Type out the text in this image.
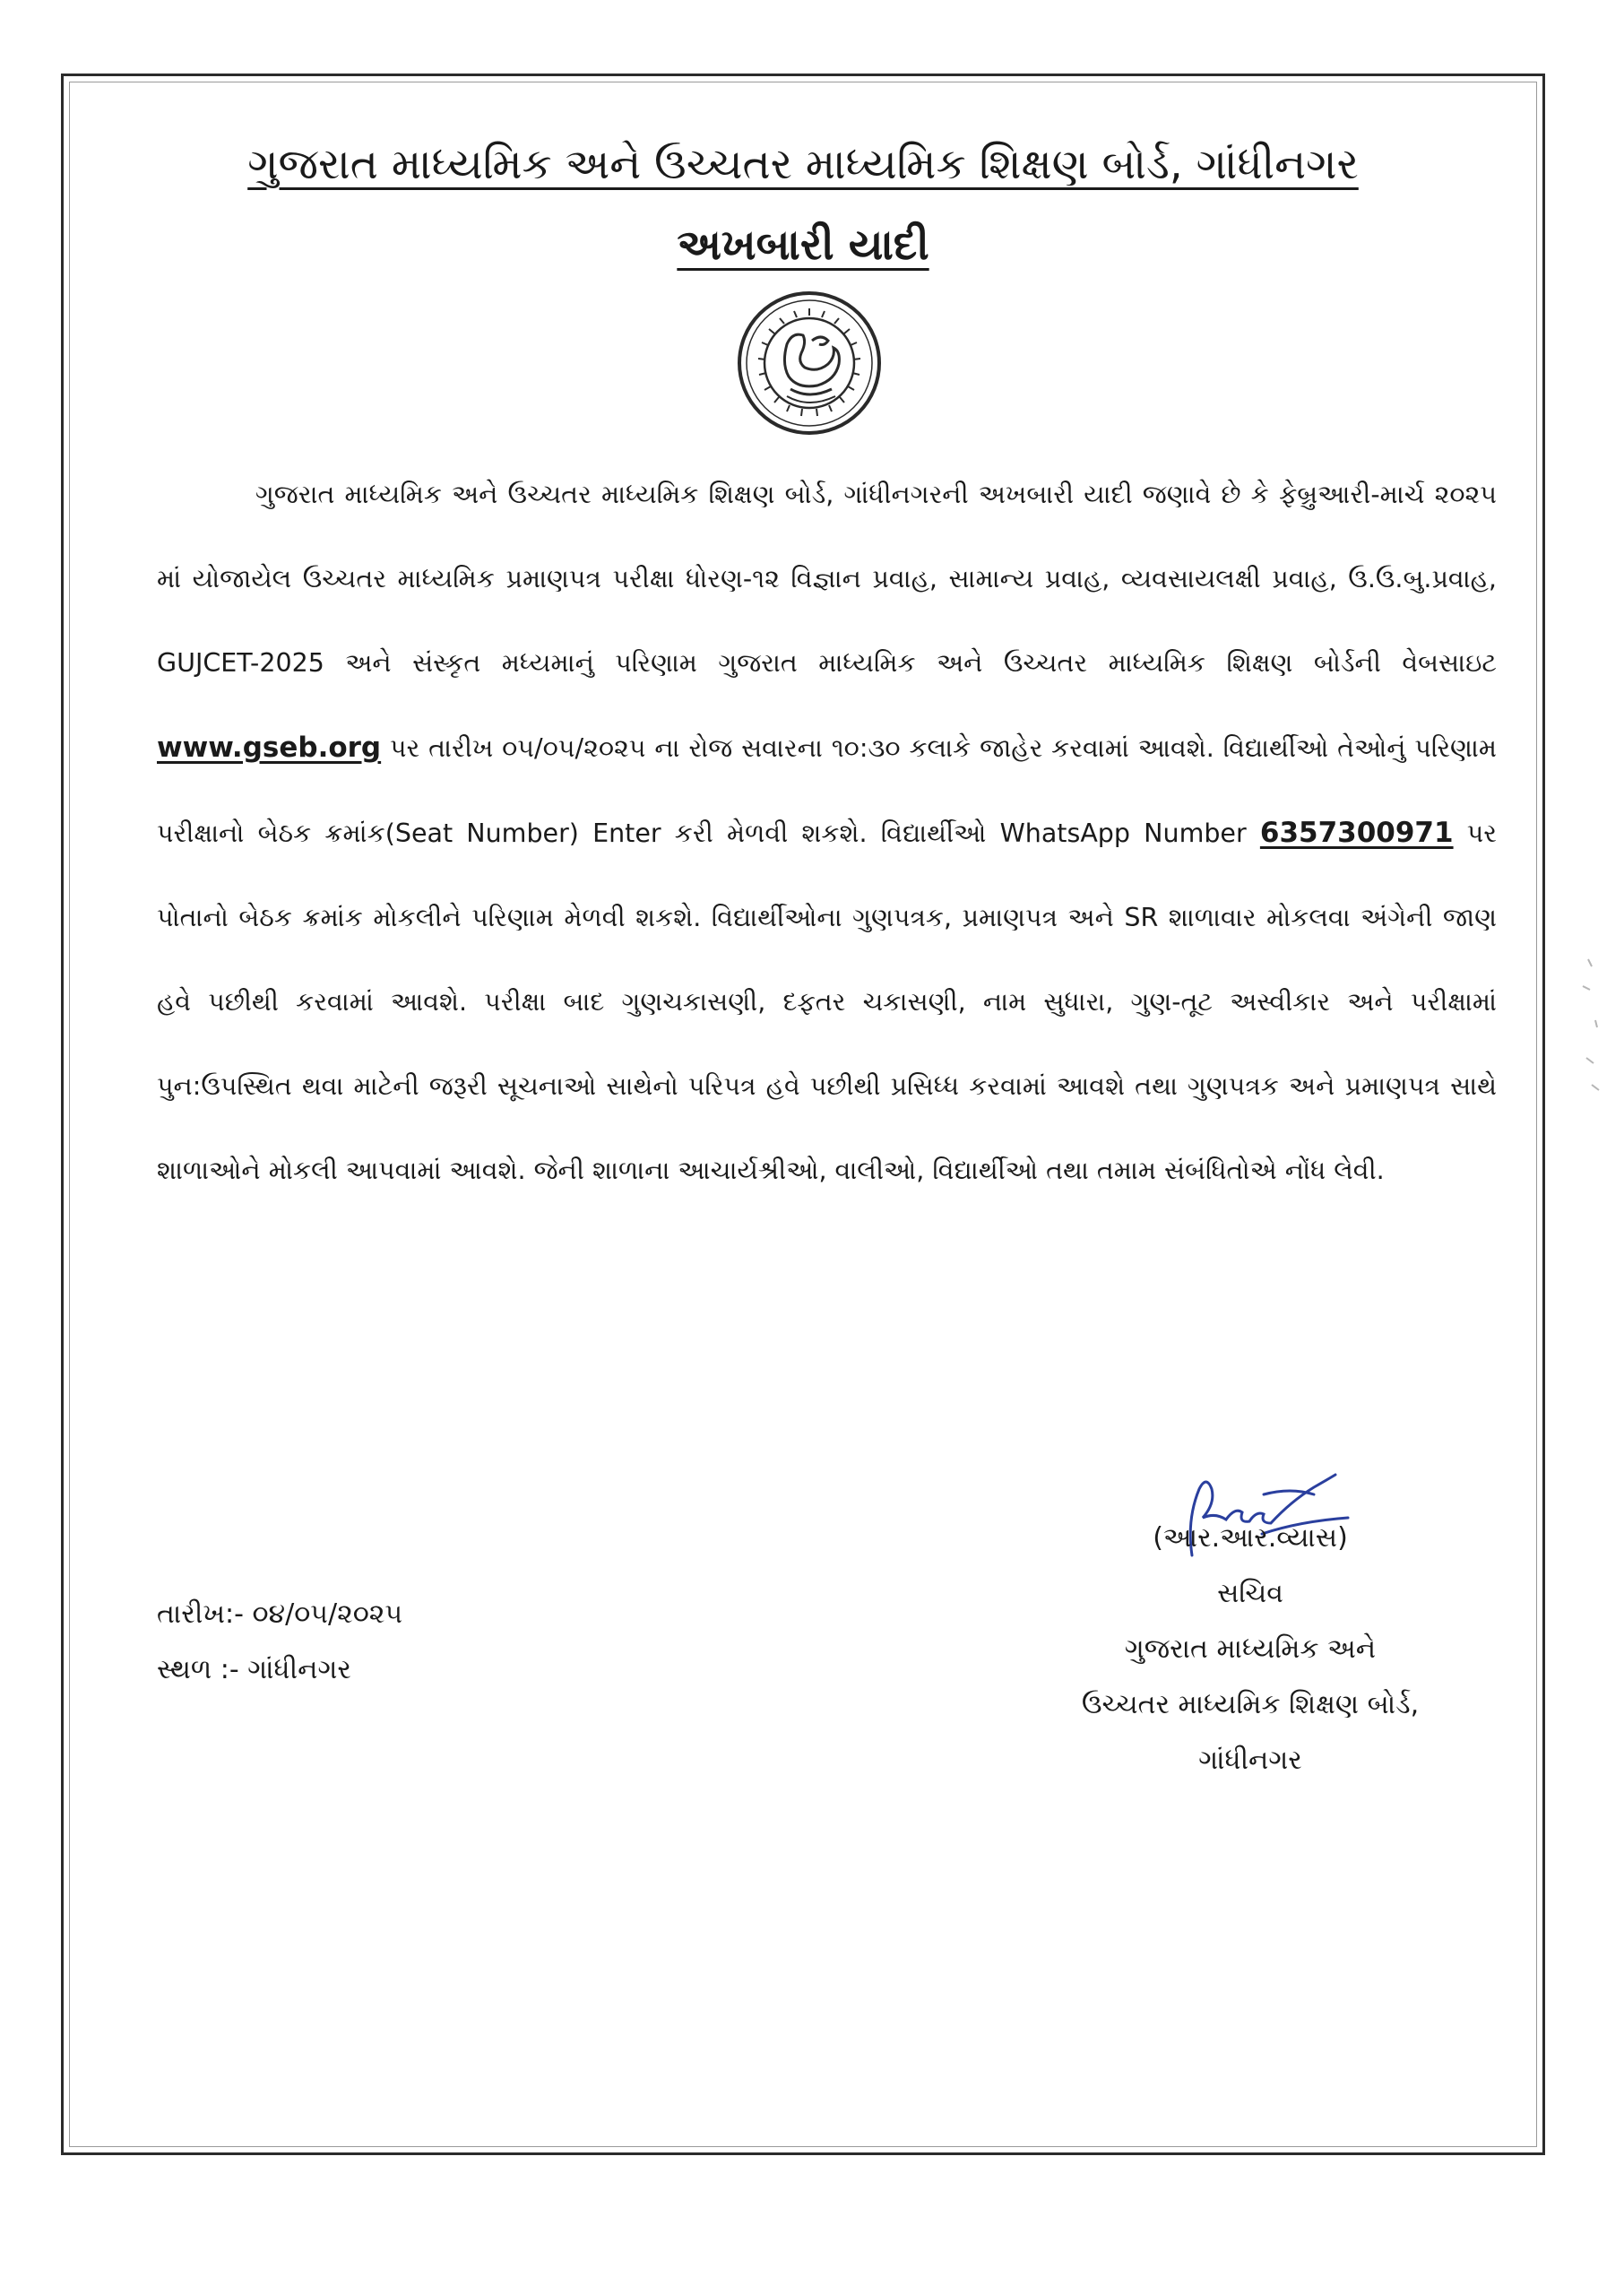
ગુજરાત માધ્યમિક અને ઉચ્ચતર માધ્યમિક શિક્ષણ બોર્ડ, ગાંધીનગર
અખબારી યાદી

ગુજરાત માધ્યમિક અને ઉચ્ચતર માધ્યમિક શિક્ષણ બોર્ડ, ગાંધીનગરની અખબારી યાદી જણાવે છે કે ફેબ્રુઆરી-માર્ચ ૨૦૨૫ માં યોજાયેલ ઉચ્ચતર માધ્યમિક પ્રમાણપત્ર પરીક્ષા ધોરણ-૧૨ વિજ્ઞાન પ્રવાહ, સામાન્ય પ્રવાહ, વ્યવસાયલક્ષી પ્રવાહ, ઉ.ઉ.બુ.પ્રવાહ, GUJCET-2025 અને સંસ્કૃત મધ્યમાનું પરિણામ ગુજરાત માધ્યમિક અને ઉચ્ચતર માધ્યમિક શિક્ષણ બોર્ડની વેબસાઇટ www.gseb.org પર તારીખ ૦૫/૦૫/૨૦૨૫ ના રોજ સવારના ૧૦:૩૦ કલાકે જાહેર કરવામાં આવશે. વિદ્યાર્થીઓ તેઓનું પરિણામ પરીક્ષાનો બેઠક ક્રમાંક(Seat Number) Enter કરી મેળવી શકશે. વિદ્યાર્થીઓ WhatsApp Number 6357300971 પર પોતાનો બેઠક ક્રમાંક મોકલીને પરિણામ મેળવી શકશે. વિદ્યાર્થીઓના ગુણપત્રક, પ્રમાણપત્ર અને SR શાળાવાર મોકલવા અંગેની જાણ હવે પછીથી કરવામાં આવશે. પરીક્ષા બાદ ગુણચકાસણી, દફતર ચકાસણી, નામ સુધારા, ગુણ-તૂટ અસ્વીકાર અને પરીક્ષામાં પુન:ઉપસ્થિત થવા માટેની જરૂરી સૂચનાઓ સાથેનો પરિપત્ર હવે પછીથી પ્રસિધ્ધ કરવામાં આવશે તથા ગુણપત્રક અને પ્રમાણપત્ર સાથે શાળાઓને મોકલી આપવામાં આવશે. જેની શાળાના આચાર્યશ્રીઓ, વાલીઓ, વિદ્યાર્થીઓ તથા તમામ સંબંધિતોએ નોંધ લેવી.

(આર.આર.વ્યાસ)
સચિવ
ગુજરાત માધ્યમિક અને
ઉચ્ચતર માધ્યમિક શિક્ષણ બોર્ડ,
ગાંધીનગર
તારીખ:- ૦૪/૦૫/૨૦૨૫
સ્થળ :- ગાંધીનગર
